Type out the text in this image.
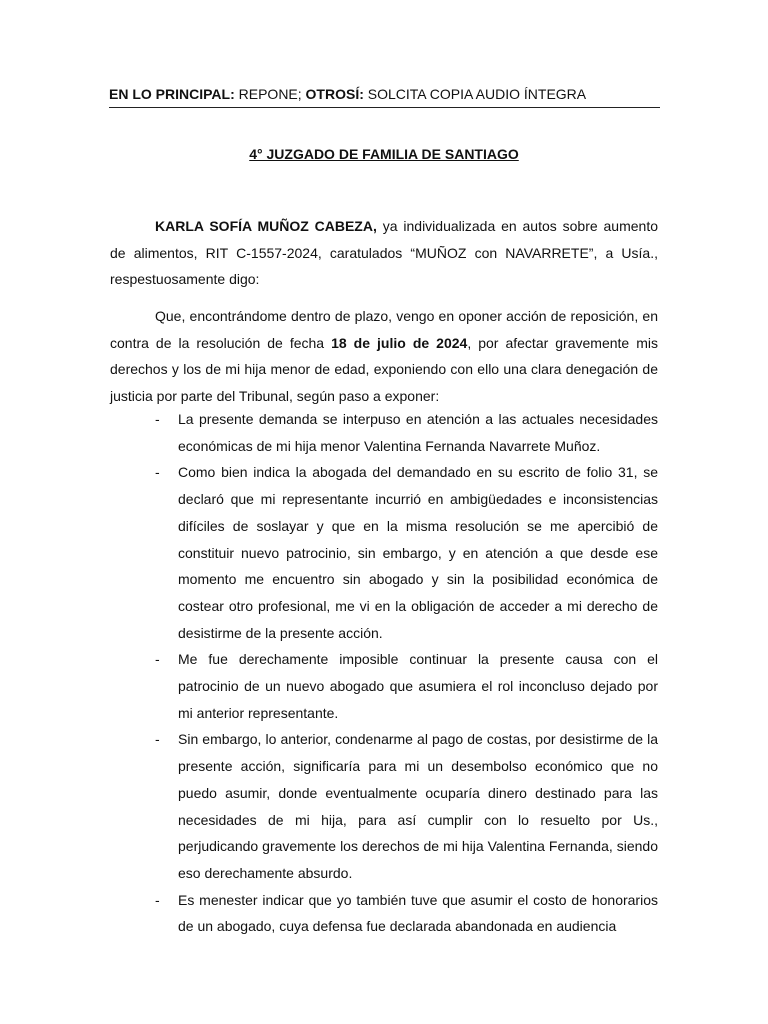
EN LO PRINCIPAL: REPONE; OTROSÍ: SOLCITA COPIA AUDIO ÍNTEGRA
4° JUZGADO DE FAMILIA DE SANTIAGO

KARLA SOFÍA MUÑOZ CABEZA, ya individualizada en autos sobre aumento de alimentos, RIT C-1557-2024, caratulados “MUÑOZ con NAVARRETE”, a Usía., respestuosamente digo:

Que, encontrándome dentro de plazo, vengo en oponer acción de reposición, en contra de la resolución de fecha 18 de julio de 2024, por afectar gravemente mis derechos y los de mi hija menor de edad, exponiendo con ello una clara denegación de justicia por parte del Tribunal, según paso a exponer:

- La presente demanda se interpuso en atención a las actuales necesidades económicas de mi hija menor Valentina Fernanda Navarrete Muñoz.
- Como bien indica la abogada del demandado en su escrito de folio 31, se declaró que mi representante incurrió en ambigüedades e inconsistencias difíciles de soslayar y que en la misma resolución se me apercibió de constituir nuevo patrocinio, sin embargo, y en atención a que desde ese momento me encuentro sin abogado y sin la posibilidad económica de costear otro profesional, me vi en la obligación de acceder a mi derecho de desistirme de la presente acción.
- Me fue derechamente imposible continuar la presente causa con el patrocinio de un nuevo abogado que asumiera el rol inconcluso dejado por mi anterior representante.
- Sin embargo, lo anterior, condenarme al pago de costas, por desistirme de la presente acción, significaría para mi un desembolso económico que no puedo asumir, donde eventualmente ocuparía dinero destinado para las necesidades de mi hija, para así cumplir con lo resuelto por Us., perjudicando gravemente los derechos de mi hija Valentina Fernanda, siendo eso derechamente absurdo.
- Es menester indicar que yo también tuve que asumir el costo de honorarios de un abogado, cuya defensa fue declarada abandonada en audiencia
